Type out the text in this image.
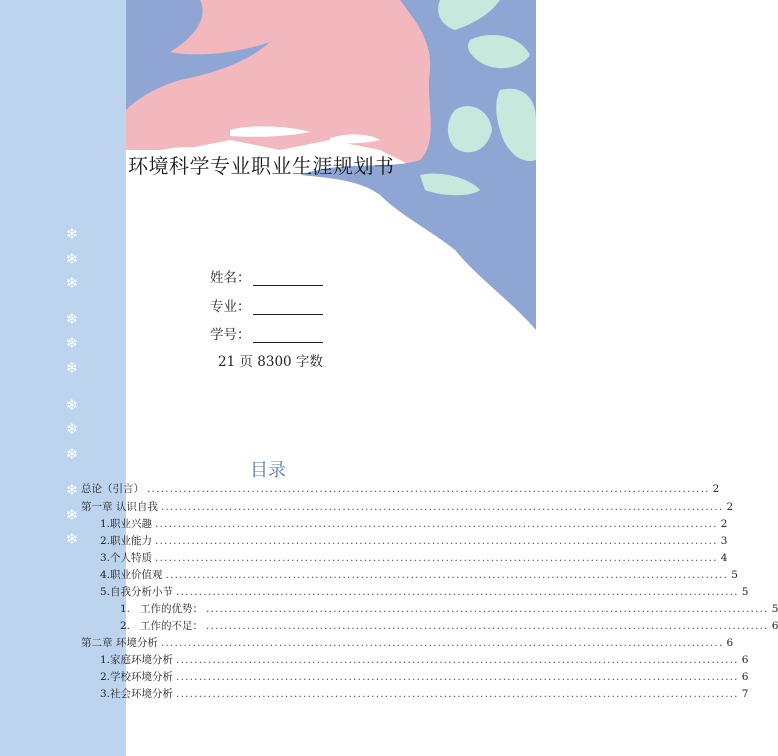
❄
❄
❄
❄
❄
❄
❄
❄
❄
❄
❄
❄
环境科学专业职业生涯规划书
姓名：
专业：
学号：
21 页 8300 字数
目录
总论（引言） ............................................................................................................................ 2
第一章 认识自我 ............................................................................................................................ 2
1.职业兴趣 ............................................................................................................................ 2
2.职业能力 ............................................................................................................................ 3
3.个人特质 ............................................................................................................................ 4
4.职业价值观 ............................................................................................................................ 5
5.自我分析小节 ............................................................................................................................ 5
1.   工作的优势： ............................................................................................................................ 5
2.   工作的不足： ............................................................................................................................ 6
第二章 环境分析 ............................................................................................................................ 6
1.家庭环境分析 ............................................................................................................................ 6
2.学校环境分析 ............................................................................................................................ 6
3.社会环境分析 ............................................................................................................................ 7
